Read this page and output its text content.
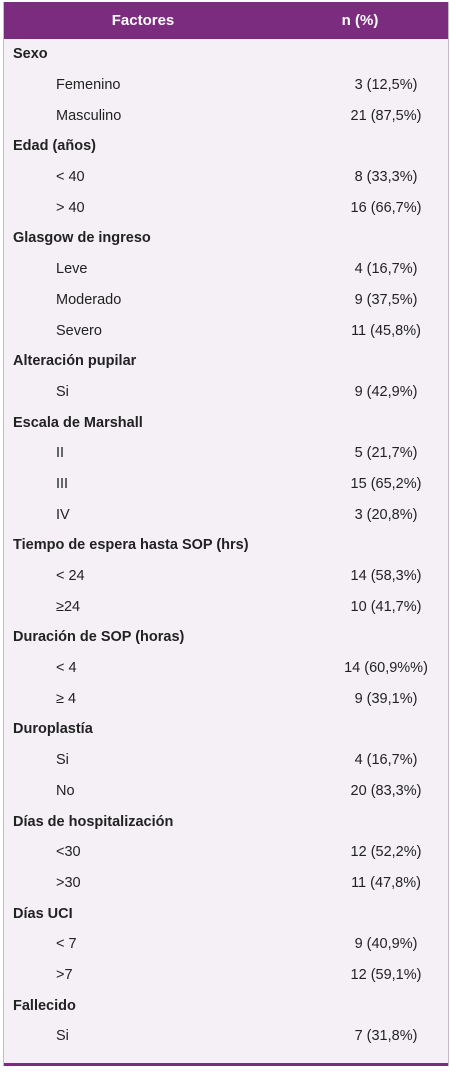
Factores	n (%)
Sexo
Femenino	3 (12,5%)
Masculino	21 (87,5%)
Edad (años)
< 40	8 (33,3%)
> 40	16 (66,7%)
Glasgow de ingreso
Leve	4 (16,7%)
Moderado	9 (37,5%)
Severo	11 (45,8%)
Alteración pupilar
Si	9 (42,9%)
Escala de Marshall
II	5 (21,7%)
III	15 (65,2%)
IV	3 (20,8%)
Tiempo de espera hasta SOP (hrs)
< 24	14 (58,3%)
≥24	10 (41,7%)
Duración de SOP (horas)
< 4	14 (60,9%%)
≥ 4	9 (39,1%)
Duroplastía
Si	4 (16,7%)
No	20 (83,3%)
Días de hospitalización
<30	12 (52,2%)
>30	11 (47,8%)
Días UCI
< 7	9 (40,9%)
>7	12 (59,1%)
Fallecido
Si	7 (31,8%)
